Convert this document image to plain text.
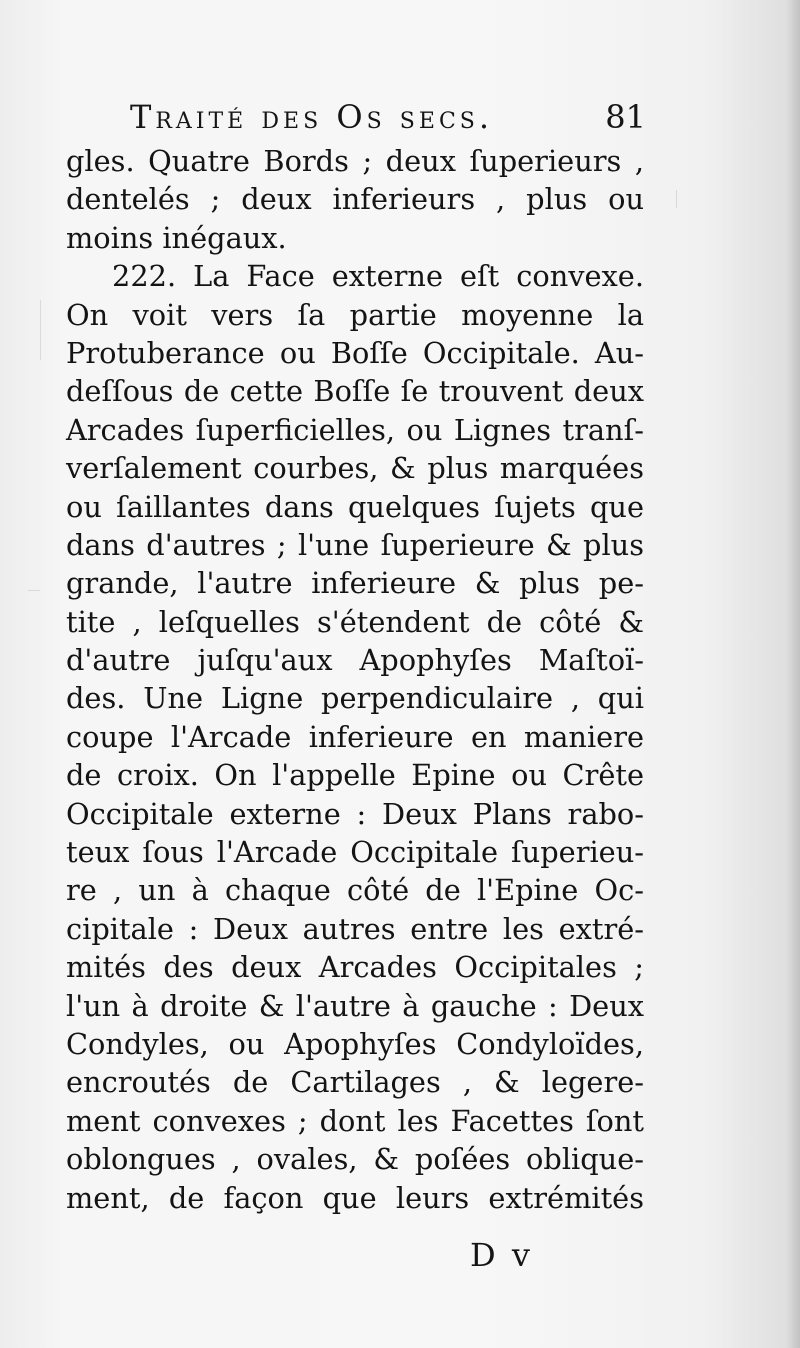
Traité des Os secs.	81
gles. Quatre Bords ; deux ſuperieurs ,
dentelés ; deux inferieurs , plus ou
moins inégaux.
222. La Face externe eſt convexe.
On voit vers ſa partie moyenne la
Protuberance ou Boſſe Occipitale. Au-
deſſous de cette Boſſe ſe trouvent deux
Arcades ſuperficielles, ou Lignes tranſ-
verſalement courbes, & plus marquées
ou ſaillantes dans quelques ſujets que
dans d'autres ; l'une ſuperieure & plus
grande, l'autre inferieure & plus pe-
tite , leſquelles s'étendent de côté &
d'autre juſqu'aux Apophyſes Maſtoï-
des. Une Ligne perpendiculaire , qui
coupe l'Arcade inferieure en maniere
de croix. On l'appelle Epine ou Crête
Occipitale externe : Deux Plans rabo-
teux ſous l'Arcade Occipitale ſuperieu-
re , un à chaque côté de l'Epine Oc-
cipitale : Deux autres entre les extré-
mités des deux Arcades Occipitales ;
l'un à droite & l'autre à gauche : Deux
Condyles, ou Apophyſes Condyloïdes,
encroutés de Cartilages , & legere-
ment convexes ; dont les Facettes ſont
oblongues , ovales, & poſées oblique-
ment, de façon que leurs extrémités
D v
